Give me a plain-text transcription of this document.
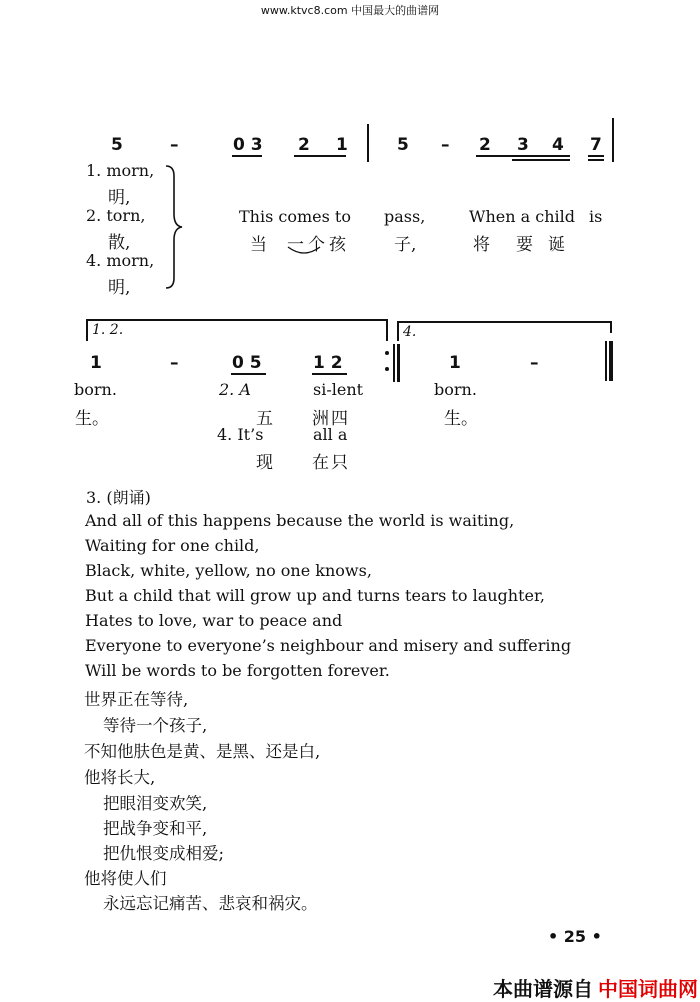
www.ktvc8.com 中国最大的曲谱网
5	–	0 3 2 1	5 – 2 3 4 7
1. morn,
明,
2. torn,
散,
4. morn,
明,
This comes to pass,	When a child is
当 一个孩	子,	将 要 诞
1. 2.	4.
1	–	0 5	1 2	1	–
born.	2. A	si-lent	born.
生。	五 洲四	生。
4. It’s	all a
现 在只
3. (朗诵)
And all of this happens because the world is waiting,
Waiting for one child,
Black, white, yellow, no one knows,
But a child that will grow up and turns tears to laughter,
Hates to love, war to peace and
Everyone to everyone’s neighbour and misery and suffering
Will be words to be forgotten forever.
世界正在等待,
等待一个孩子,
不知他肤色是黄、是黑、还是白,
他将长大,
把眼泪变欢笑,
把战争变和平,
把仇恨变成相爱;
他将使人们
永远忘记痛苦、悲哀和祸灾。
• 25 •
本曲谱源自 中国词曲网
